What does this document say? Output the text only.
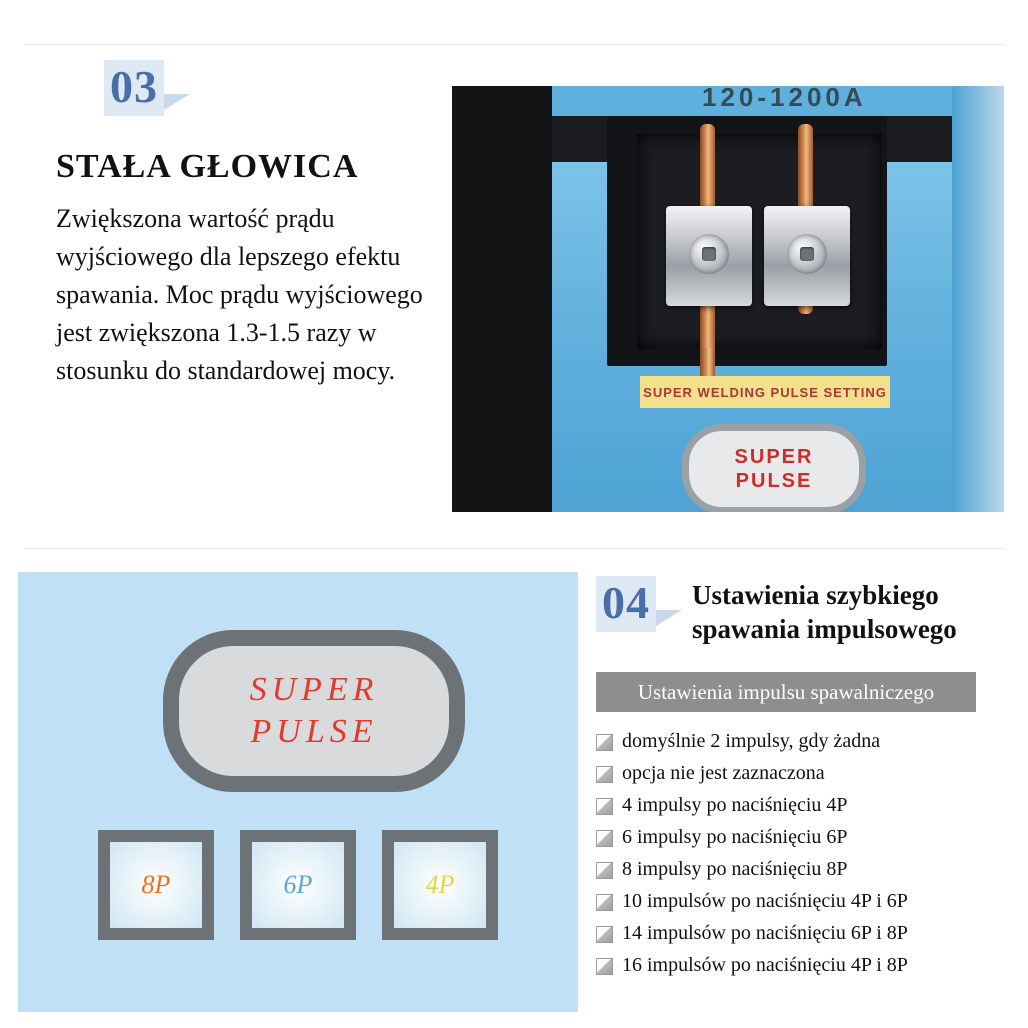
03
STAŁA GŁOWICA
Zwiększona wartość prądu wyjściowego dla lepszego efektu spawania. Moc prądu wyjściowego jest zwiększona 1.3-1.5 razy w stosunku do standardowej mocy.
120-1200A
SUPER WELDING PULSE SETTING
SUPER
PULSE
SUPER
PULSE
8P	6P	4P
04 Ustawienia szybkiego spawania impulsowego
Ustawienia impulsu spawalniczego
domyślnie 2 impulsy, gdy żadna
opcja nie jest zaznaczona
4 impulsy po naciśnięciu 4P
6 impulsy po naciśnięciu 6P
8 impulsy po naciśnięciu 8P
10 impulsów po naciśnięciu 4P i 6P
14 impulsów po naciśnięciu 6P i 8P
16 impulsów po naciśnięciu 4P i 8P
